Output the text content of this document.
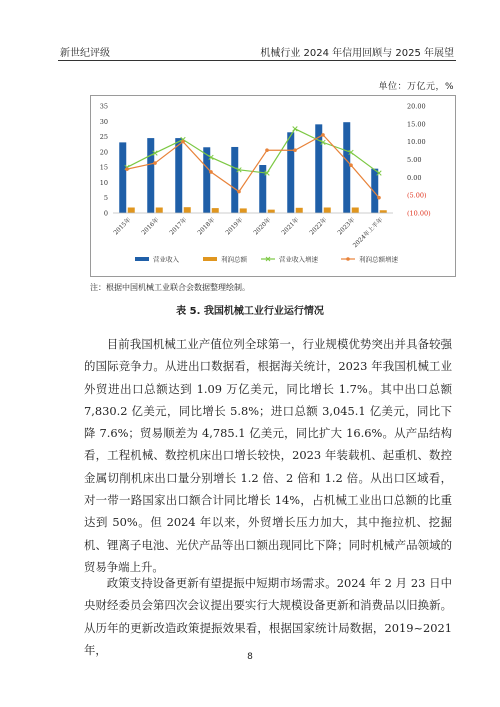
新世纪评级	机械行业 2024 年信用回顾与 2025 年展望
单位：万亿元，%
0
5
10
15
20
25
30
35
(10.00)
(5.00)
0.00
5.00
10.00
15.00
20.00
2015年 2016年 2017年 2018年 2019年 2020年 2021年 2022年 2023年
2024年上半年
营业收入	利润总额	营业收入增速	利润总额增速
注：根据中国机械工业联合会数据整理绘制。
表 5. 我国机械工业行业运行情况

目前我国机械工业产值位列全球第一，行业规模优势突出并具备较强的国际竞争力。从进出口数据看，根据海关统计，2023 年我国机械工业外贸进出口总额达到 1.09 万亿美元，同比增长 1.7%。其中出口总额7,830.2 亿美元，同比增长 5.8%；进口总额 3,045.1 亿美元，同比下降 7.6%；贸易顺差为 4,785.1 亿美元，同比扩大 16.6%。从产品结构看，工程机械、数控机床出口增长较快，2023 年装载机、起重机、数控金属切削机床出口量分别增长 1.2 倍、2 倍和 1.2 倍。从出口区域看，对一带一路国家出口额合计同比增长 14%，占机械工业出口总额的比重达到 50%。但 2024 年以来，外贸增长压力加大，其中拖拉机、挖掘机、锂离子电池、光伏产品等出口额出现同比下降；同时机械产品领域的贸易争端上升。

政策支持设备更新有望提振中短期市场需求。2024 年 2 月 23 日中央财经委员会第四次会议提出要实行大规模设备更新和消费品以旧换新。从历年的更新改造政策提振效果看，根据国家统计局数据，2019~2021 年，

8
